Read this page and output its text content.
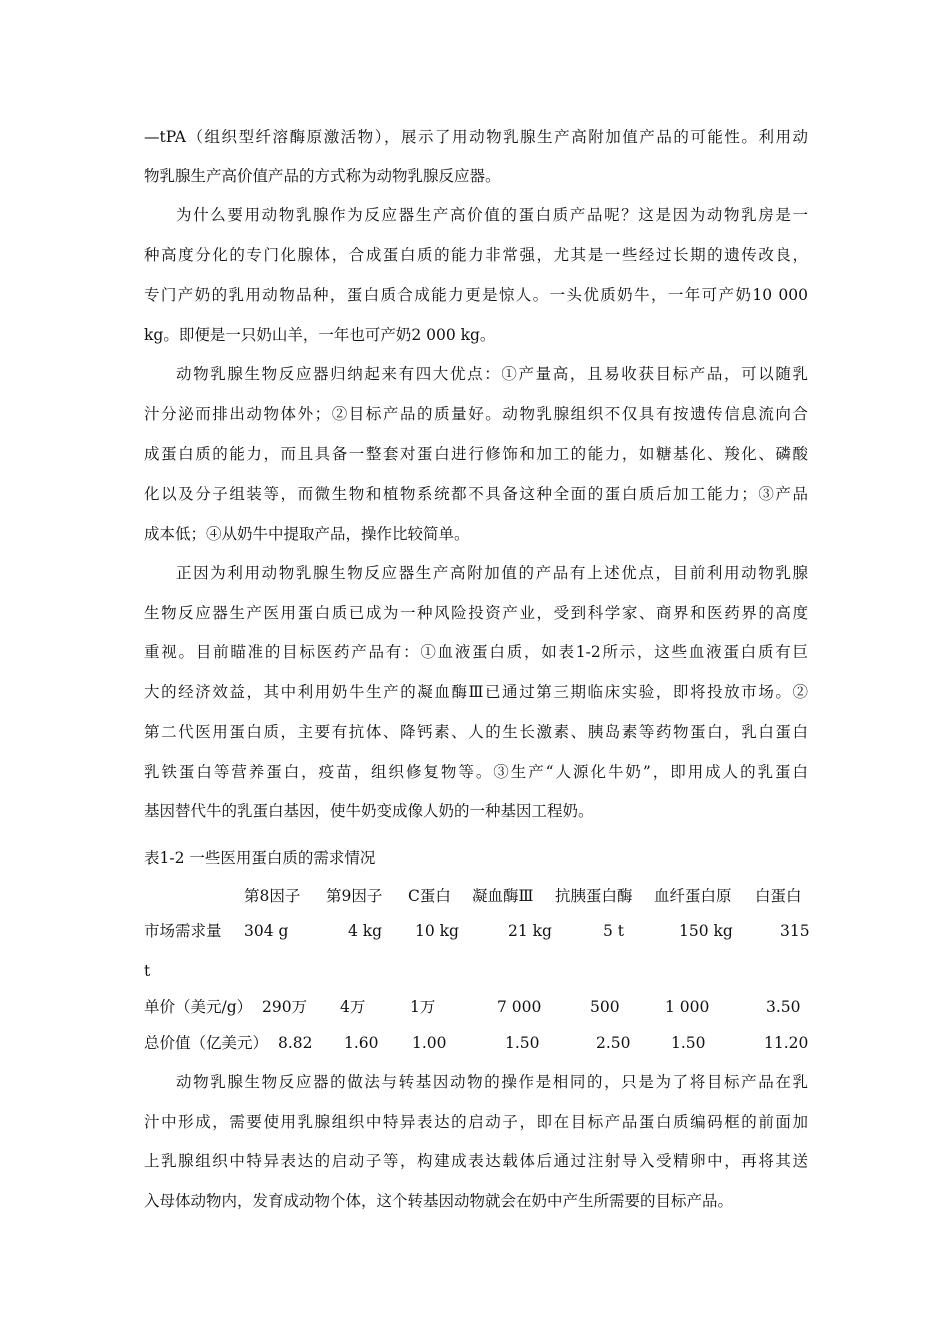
—tPA（组织型纤溶酶原激活物），展示了用动物乳腺生产高附加值产品的可能性。利用动
物乳腺生产高价值产品的方式称为动物乳腺反应器。
为什么要用动物乳腺作为反应器生产高价值的蛋白质产品呢？这是因为动物乳房是一
种高度分化的专门化腺体，合成蛋白质的能力非常强，尤其是一些经过长期的遗传改良，
专门产奶的乳用动物品种，蛋白质合成能力更是惊人。一头优质奶牛，一年可产奶10 000
kg。即便是一只奶山羊，一年也可产奶2 000 kg。
动物乳腺生物反应器归纳起来有四大优点：①产量高，且易收获目标产品，可以随乳
汁分泌而排出动物体外；②目标产品的质量好。动物乳腺组织不仅具有按遗传信息流向合
成蛋白质的能力，而且具备一整套对蛋白进行修饰和加工的能力，如糖基化、羧化、磷酸
化以及分子组装等，而微生物和植物系统都不具备这种全面的蛋白质后加工能力；③产品
成本低；④从奶牛中提取产品，操作比较简单。
正因为利用动物乳腺生物反应器生产高附加值的产品有上述优点，目前利用动物乳腺
生物反应器生产医用蛋白质已成为一种风险投资产业，受到科学家、商界和医药界的高度
重视。目前瞄准的目标医药产品有：①血液蛋白质，如表1-2所示，这些血液蛋白质有巨
大的经济效益，其中利用奶牛生产的凝血酶Ⅲ已通过第三期临床实验，即将投放市场。②
第二代医用蛋白质，主要有抗体、降钙素、人的生长激素、胰岛素等药物蛋白，乳白蛋白
乳铁蛋白等营养蛋白，疫苗，组织修复物等。③生产“人源化牛奶”，即用成人的乳蛋白
基因替代牛的乳蛋白基因，使牛奶变成像人奶的一种基因工程奶。
表1-2 一些医用蛋白质的需求情况
第8因子 第9因子 C蛋白 凝血酶Ⅲ 抗胰蛋白酶 血纤蛋白原 白蛋白
市场需求量 304 g	4 kg 10 kg	21 kg	5 t	150 kg	315
t
单价（美元/g） 290万 4万	1万	7 000	500	1 000	3.50
总价值（亿美元） 8.82 1.60 1.00	1.50	2.50	1.50	11.20
动物乳腺生物反应器的做法与转基因动物的操作是相同的，只是为了将目标产品在乳
汁中形成，需要使用乳腺组织中特异表达的启动子，即在目标产品蛋白质编码框的前面加
上乳腺组织中特异表达的启动子等，构建成表达载体后通过注射导入受精卵中，再将其送
入母体动物内，发育成动物个体，这个转基因动物就会在奶中产生所需要的目标产品。
